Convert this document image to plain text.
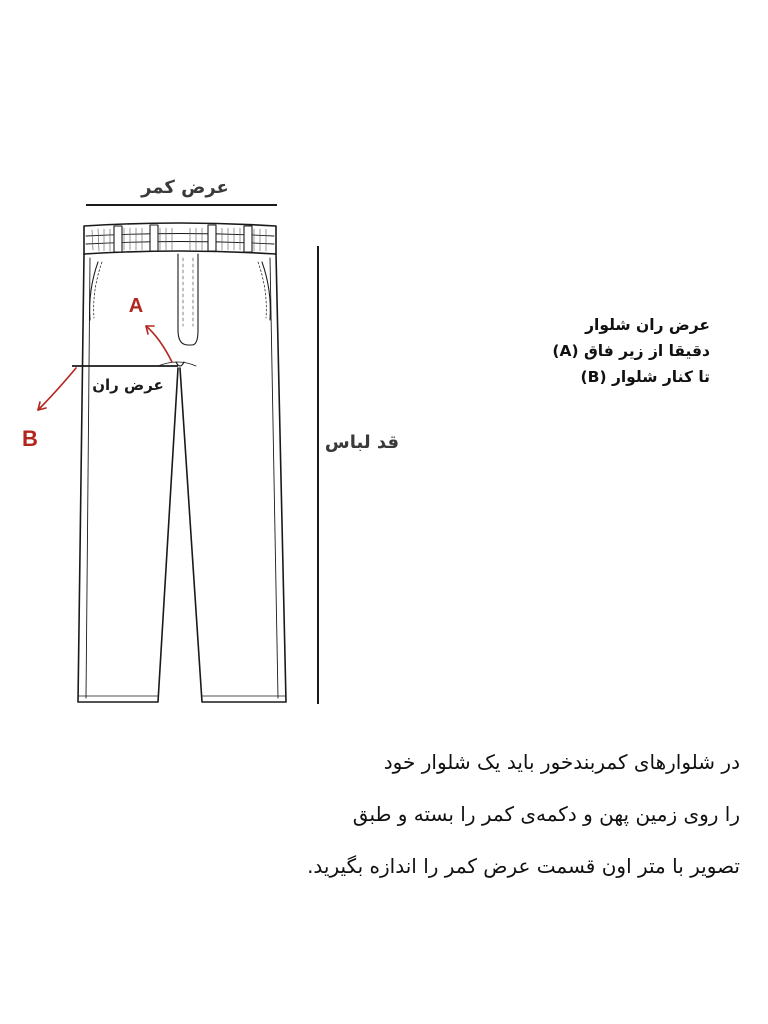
عرض کمر
قد لباس
عرض ران
A
B
عرض ران شلوار
دقیقا از زیر فاق (A)
تا کنار شلوار (B)
در شلوارهای کمربندخور باید یک شلوار خود
را روی زمین پهن و دکمه‌ی کمر را بسته و طبق
تصویر با متر اون قسمت عرض کمر را اندازه بگیرید.
